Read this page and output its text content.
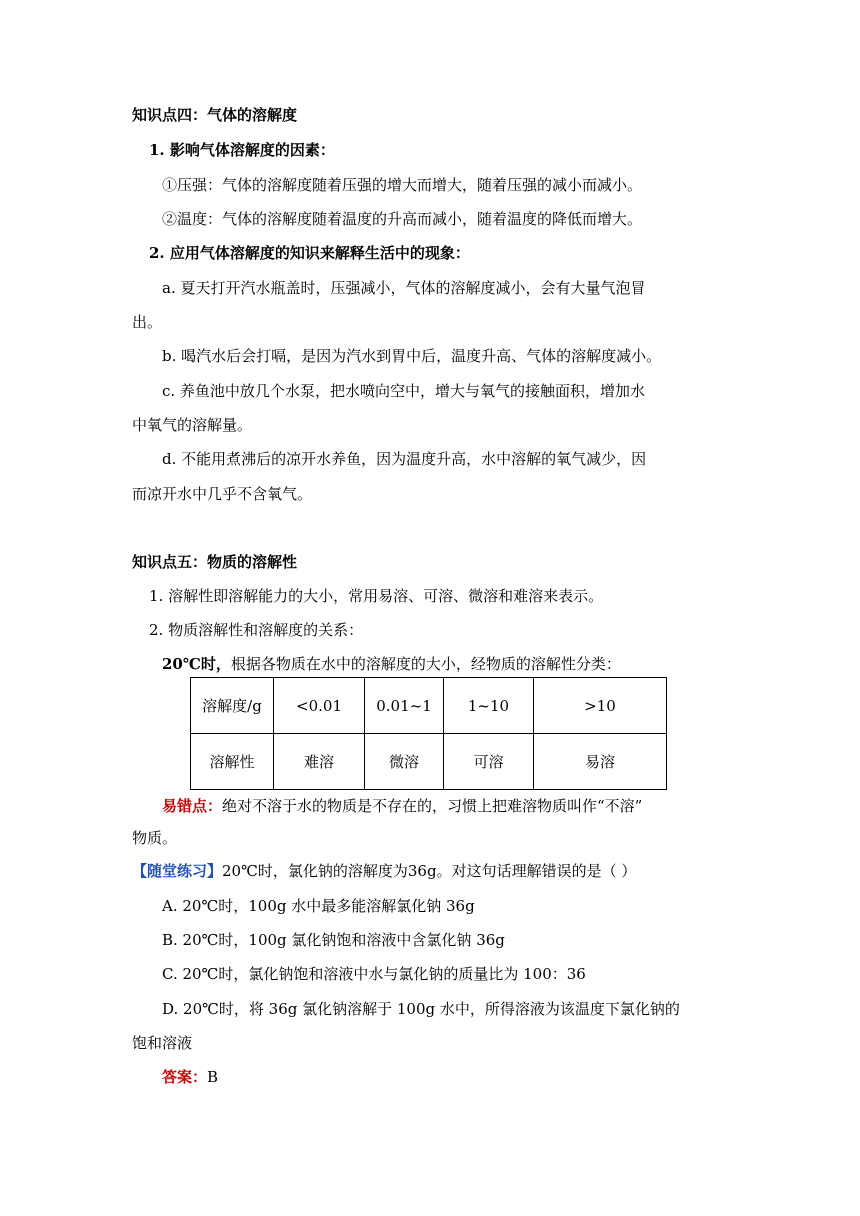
知识点四：气体的溶解度
1. 影响气体溶解度的因素：
①压强：气体的溶解度随着压强的增大而增大，随着压强的减小而减小。
②温度：气体的溶解度随着温度的升高而减小，随着温度的降低而增大。
2. 应用气体溶解度的知识来解释生活中的现象：
a. 夏天打开汽水瓶盖时，压强减小，气体的溶解度减小，会有大量气泡冒
出。
b. 喝汽水后会打嗝，是因为汽水到胃中后，温度升高、气体的溶解度减小。
c. 养鱼池中放几个水泵，把水喷向空中，增大与氧气的接触面积，增加水
中氧气的溶解量。
d. 不能用煮沸后的凉开水养鱼，因为温度升高，水中溶解的氧气减少，因
而凉开水中几乎不含氧气。
知识点五：物质的溶解性
1. 溶解性即溶解能力的大小，常用易溶、可溶、微溶和难溶来表示。
2. 物质溶解性和溶解度的关系：
20℃时，根据各物质在水中的溶解度的大小，经物质的溶解性分类：
溶解度/g	<0.01	0.01~1	1~10	>10
溶解性	难溶	微溶	可溶	易溶
易错点：绝对不溶于水的物质是不存在的，习惯上把难溶物质叫作“不溶”
物质。
【随堂练习】20℃时，氯化钠的溶解度为36g。对这句话理解错误的是（ ）
A. 20℃时，100g 水中最多能溶解氯化钠 36g
B. 20℃时，100g 氯化钠饱和溶液中含氯化钠 36g
C. 20℃时，氯化钠饱和溶液中水与氯化钠的质量比为 100：36
D. 20℃时，将 36g 氯化钠溶解于 100g 水中，所得溶液为该温度下氯化钠的
饱和溶液
答案：B
